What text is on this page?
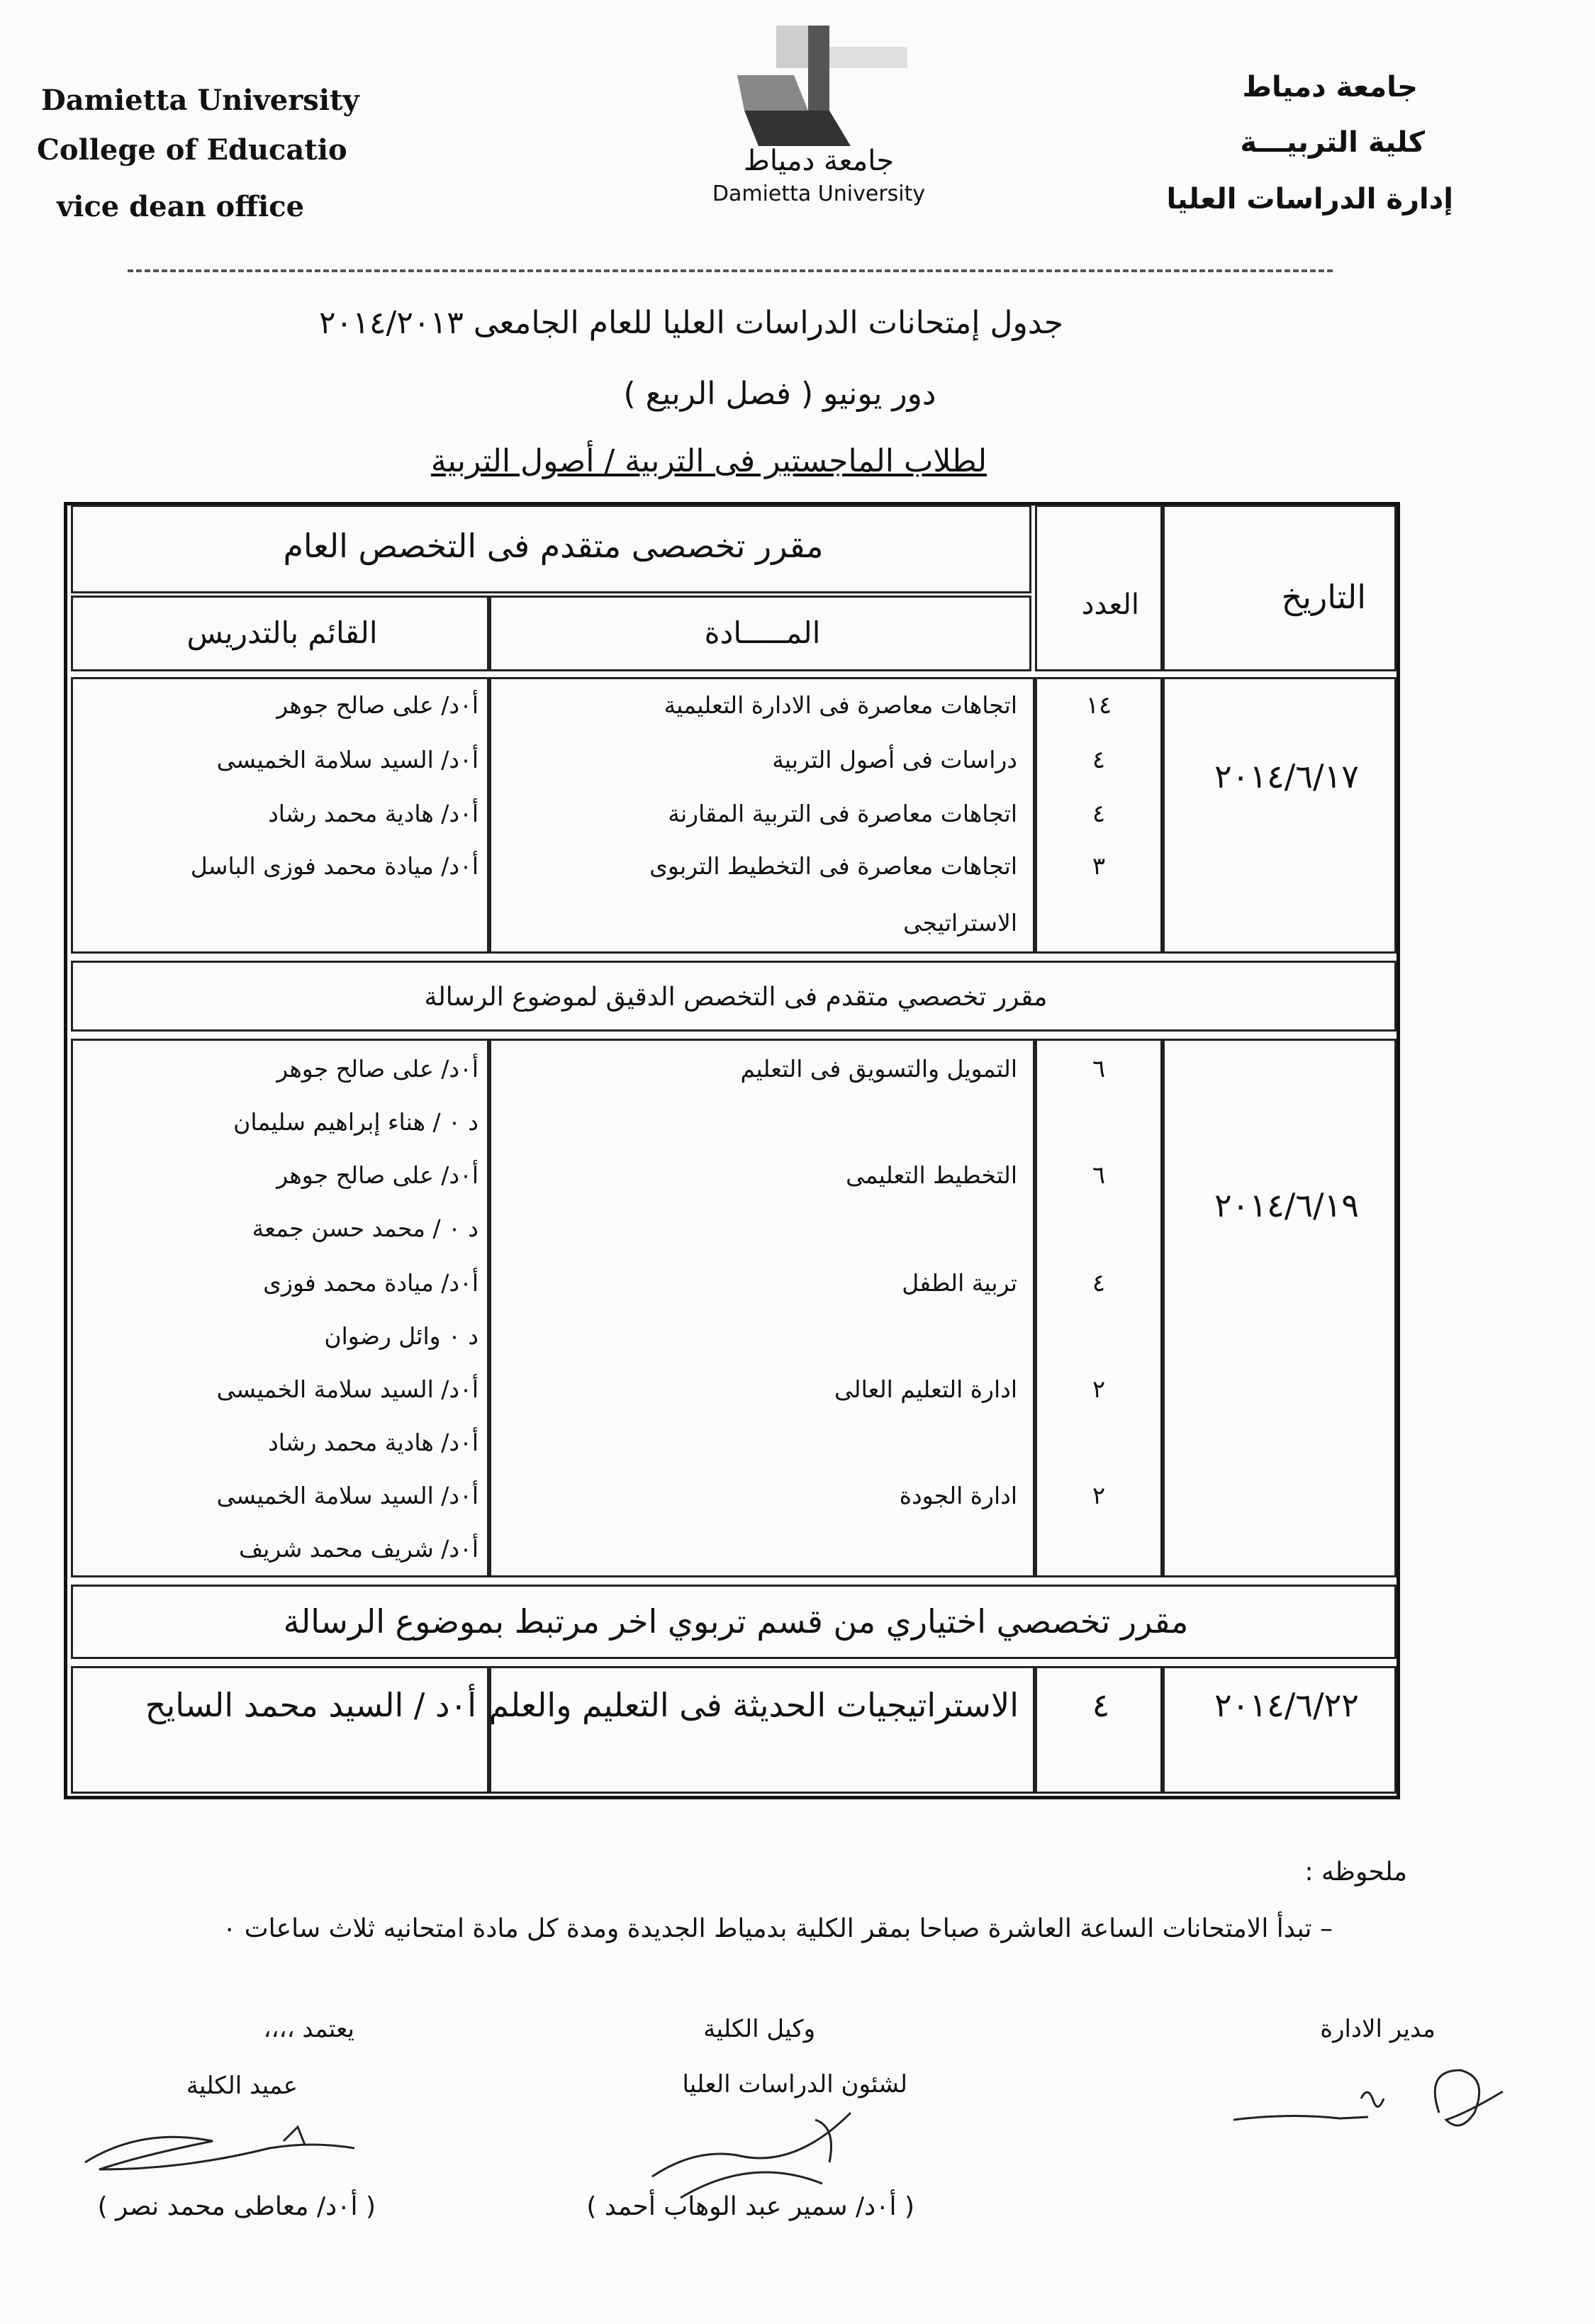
Damietta University
College of Educatio
vice dean office
جامعة دمياط
كلية التربيـــة
إدارة الدراسات العليا
جامعة دمياط
Damietta University
جدول إمتحانات الدراسات العليا للعام الجامعى ٢٠١٤/٢٠١٣
دور يونيو ( فصل الربيع )
لطلاب الماجستير فى التربية / أصول التربية
التاريخ
العدد
مقرر تخصصى متقدم فى التخصص العام
المـــــادة
القائم بالتدريس
٢٠١٤/٦/١٧
١٤
٤
٤
٣
اتجاهات معاصرة فى الادارة التعليمية
دراسات فى أصول التربية
اتجاهات معاصرة فى التربية المقارنة
اتجاهات معاصرة فى التخطيط التربوى
الاستراتيجى
أ٠د/ على صالح جوهر
أ٠د/ السيد سلامة الخميسى
أ٠د/ هادية محمد رشاد
أ٠د/ ميادة محمد فوزى الباسل
مقرر تخصصي متقدم فى التخصص الدقيق لموضوع الرسالة
٢٠١٤/٦/١٩
٦
٦
٤
٢
٢
التمويل والتسويق فى التعليم
التخطيط التعليمى
تربية الطفل
ادارة التعليم العالى
ادارة الجودة
أ٠د/ على صالح جوهر
د ٠ / هناء إبراهيم سليمان
أ٠د/ على صالح جوهر
د ٠ / محمد حسن جمعة
أ٠د/ ميادة محمد فوزى
د ٠ وائل رضوان
أ٠د/ السيد سلامة الخميسى
أ٠د/ هادية محمد رشاد
أ٠د/ السيد سلامة الخميسى
أ٠د/ شريف محمد شريف
مقرر تخصصي اختياري من قسم تربوي اخر مرتبط بموضوع الرسالة
٢٠١٤/٦/٢٢
٤
الاستراتيجيات الحديثة فى التعليم والعلم
أ٠د / السيد محمد السايح
ملحوظه :
– تبدأ الامتحانات الساعة العاشرة صباحا بمقر الكلية بدمياط الجديدة ومدة كل مادة امتحانيه ثلاث ساعات ٠
مدير الادارة
وكيل الكلية
لشئون الدراسات العليا
( أ٠د/ سمير عبد الوهاب أحمد )
يعتمد ،،،،
عميد الكلية
( أ٠د/ معاطى محمد نصر )
